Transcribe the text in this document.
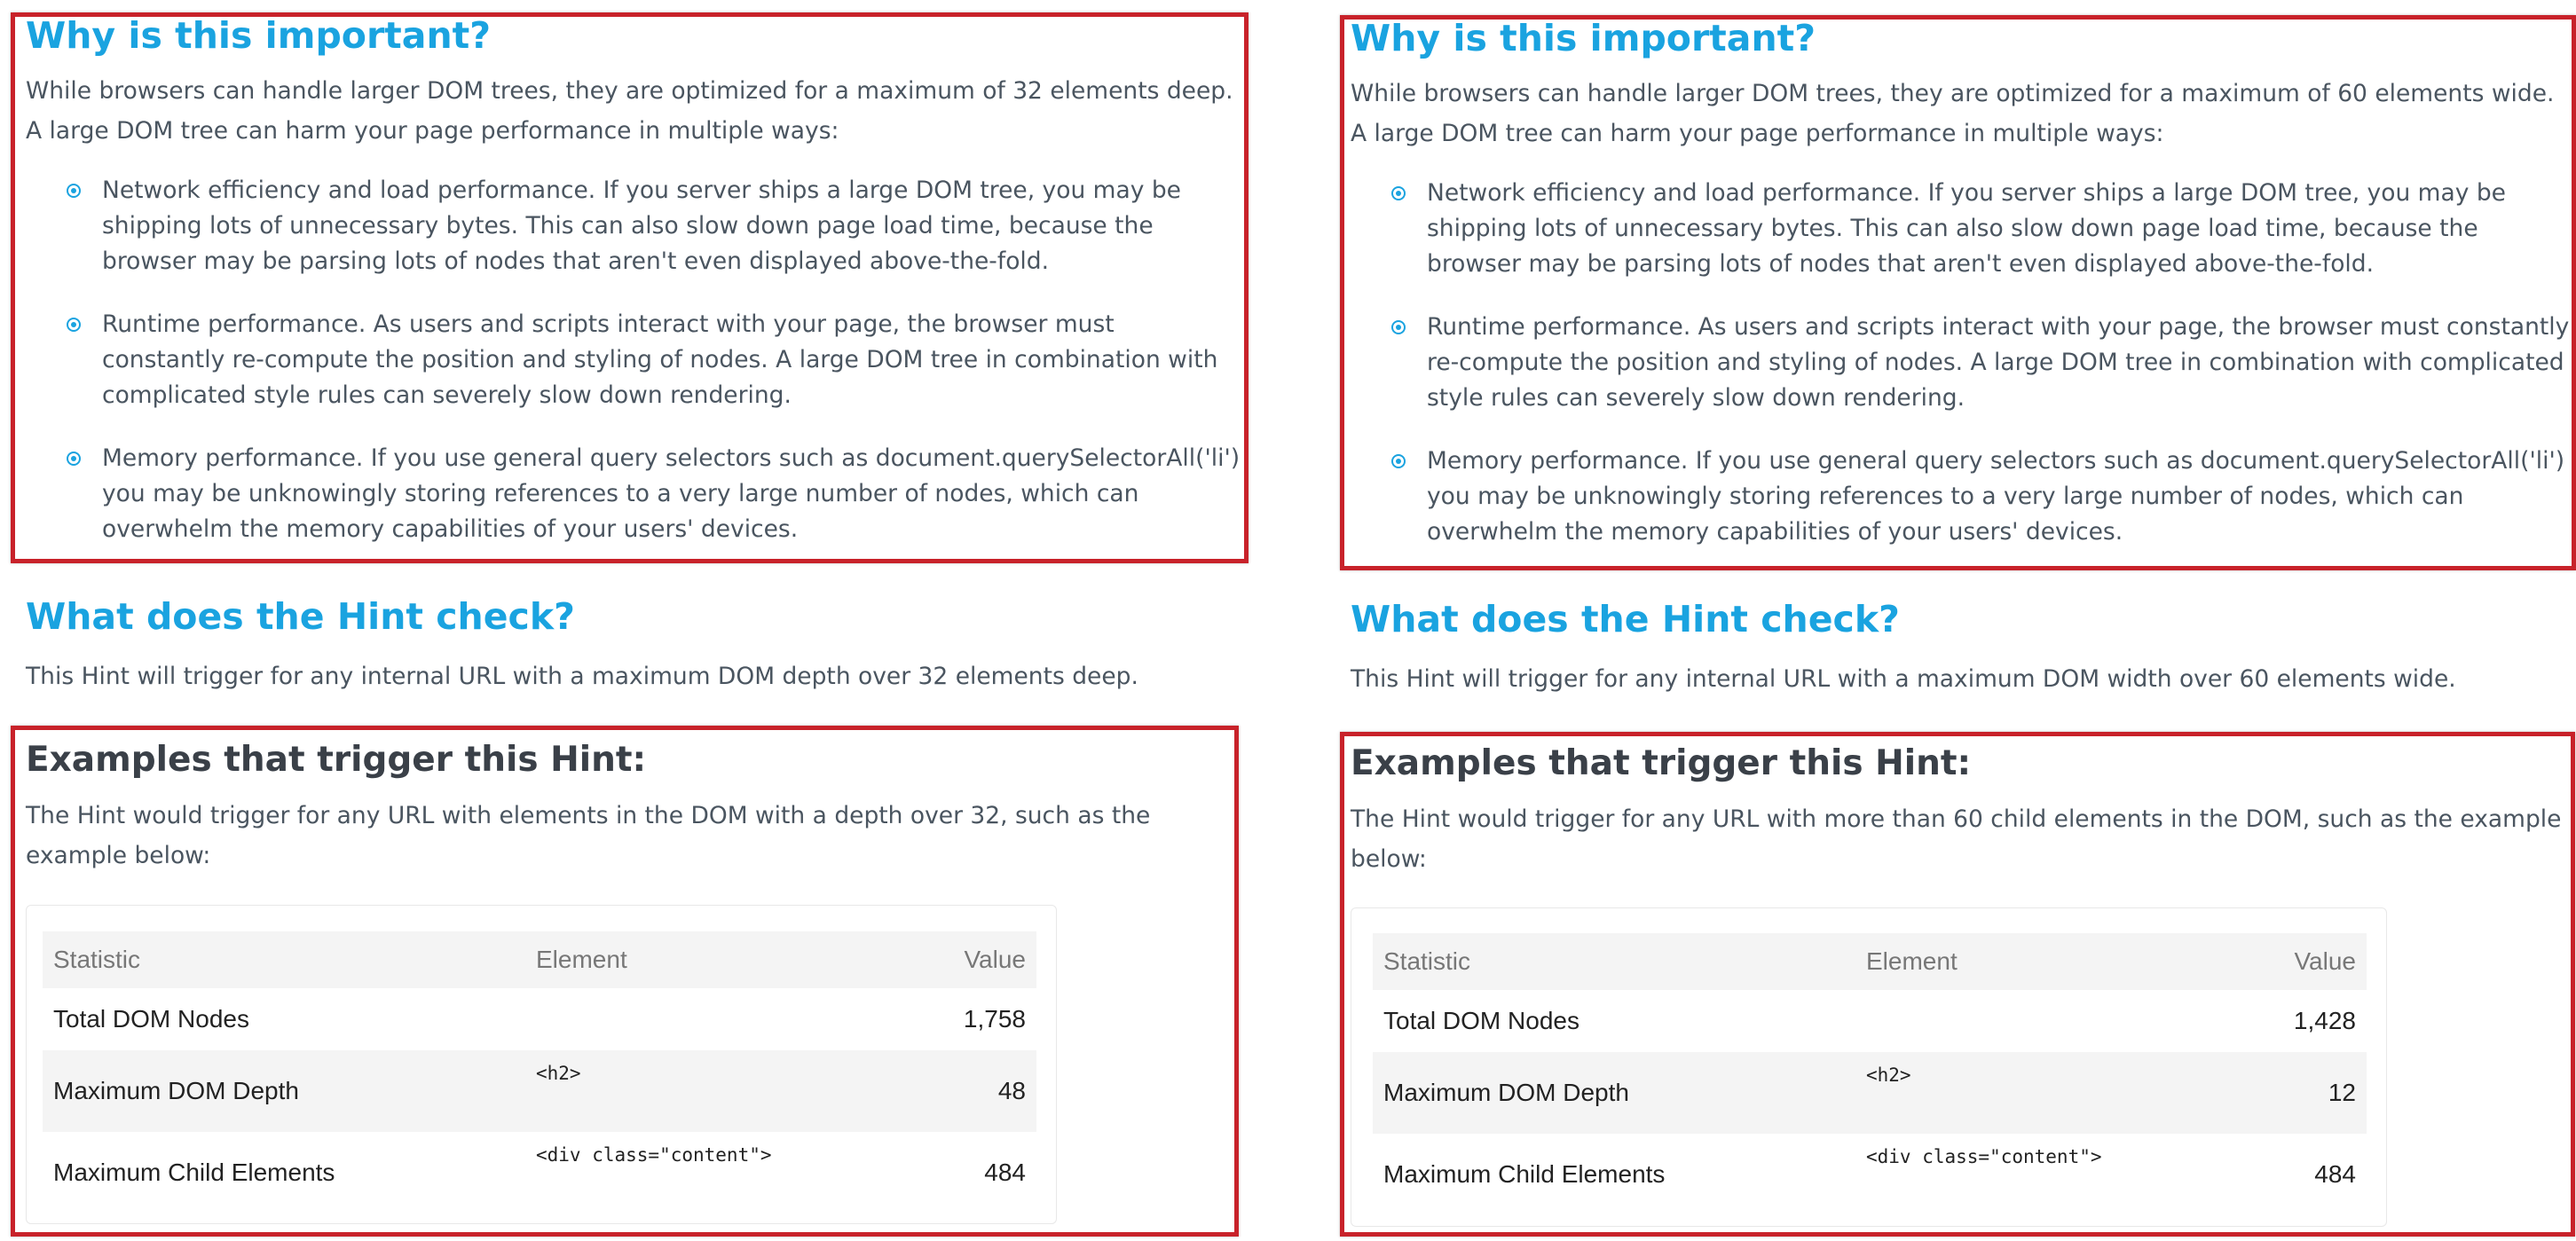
Why is this important?

While browsers can handle larger DOM trees, they are optimized for a maximum of 32 elements deep. A large DOM tree can harm your page performance in multiple ways:

Network efficiency and load performance. If you server ships a large DOM tree, you may be shipping lots of unnecessary bytes. This can also slow down page load time, because the browser may be parsing lots of nodes that aren't even displayed above-the-fold.
Runtime performance. As users and scripts interact with your page, the browser must constantly re-compute the position and styling of nodes. A large DOM tree in combination with complicated style rules can severely slow down rendering.
Memory performance. If you use general query selectors such as document.querySelectorAll('li') you may be unknowingly storing references to a very large number of nodes, which can overwhelm the memory capabilities of your users' devices.
What does the Hint check?

This Hint will trigger for any internal URL with a maximum DOM depth over 32 elements deep.

Examples that trigger this Hint:

The Hint would trigger for any URL with elements in the DOM with a depth over 32, such as the example below:

Statistic	Element	Value
Total DOM Nodes		1,758
Maximum DOM Depth	<h2>	48
Maximum Child Elements	<div class="content">	484
Why is this important?

While browsers can handle larger DOM trees, they are optimized for a maximum of 60 elements wide. A large DOM tree can harm your page performance in multiple ways:

Network efficiency and load performance. If you server ships a large DOM tree, you may be shipping lots of unnecessary bytes. This can also slow down page load time, because the browser may be parsing lots of nodes that aren't even displayed above-the-fold.
Runtime performance. As users and scripts interact with your page, the browser must constantly re-compute the position and styling of nodes. A large DOM tree in combination with complicated style rules can severely slow down rendering.
Memory performance. If you use general query selectors such as document.querySelectorAll('li') you may be unknowingly storing references to a very large number of nodes, which can overwhelm the memory capabilities of your users' devices.
What does the Hint check?

This Hint will trigger for any internal URL with a maximum DOM width over 60 elements wide.

Examples that trigger this Hint:

The Hint would trigger for any URL with more than 60 child elements in the DOM, such as the example below:

Statistic	Element	Value
Total DOM Nodes		1,428
Maximum DOM Depth	<h2>	12
Maximum Child Elements	<div class="content">	484
